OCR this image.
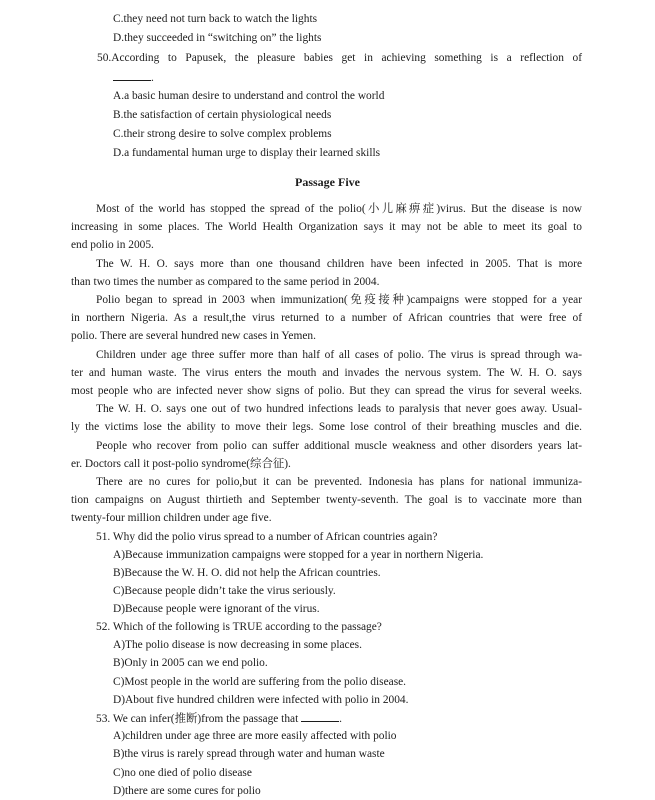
C.they need not turn back to watch the lights
D.they succeeded in “switching on” the lights
50.According to Papusek, the pleasure babies get in achieving something is a reflection of
.
A.a basic human desire to understand and control the world
B.the satisfaction of certain physiological needs
C.their strong desire to solve complex problems
D.a fundamental human urge to display their learned skills
Passage Five
Most of the world has stopped the spread of the polio(小儿麻痹症)virus. But the disease is now
increasing in some places. The World Health Organization says it may not be able to meet its goal to
end polio in 2005.
The W. H. O. says more than one thousand children have been infected in 2005. That is more
than two times the number as compared to the same period in 2004.
Polio began to spread in 2003 when immunization(免疫接种)campaigns were stopped for a year
in northern Nigeria. As a result,the virus returned to a number of African countries that were free of
polio. There are several hundred new cases in Yemen.
Children under age three suffer more than half of all cases of polio. The virus is spread through wa-
ter and human waste. The virus enters the mouth and invades the nervous system. The W. H. O. says
most people who are infected never show signs of polio. But they can spread the virus for several weeks.
The W. H. O. says one out of two hundred infections leads to paralysis that never goes away. Usual-
ly the victims lose the ability to move their legs. Some lose control of their breathing muscles and die.
People who recover from polio can suffer additional muscle weakness and other disorders years lat-
er. Doctors call it post-polio syndrome(综合征).
There are no cures for polio,but it can be prevented. Indonesia has plans for national immuniza-
tion campaigns on August thirtieth and September twenty-seventh. The goal is to vaccinate more than
twenty-four million children under age five.
51. Why did the polio virus spread to a number of African countries again?
A)Because immunization campaigns were stopped for a year in northern Nigeria.
B)Because the W. H. O. did not help the African countries.
C)Because people didn’t take the virus seriously.
D)Because people were ignorant of the virus.
52. Which of the following is TRUE according to the passage?
A)The polio disease is now decreasing in some places.
B)Only in 2005 can we end polio.
C)Most people in the world are suffering from the polio disease.
D)About five hundred children were infected with polio in 2004.
53. We can infer(推断)from the passage that	.
A)children under age three are more easily affected with polio
B)the virus is rarely spread through water and human waste
C)no one died of polio disease
D)there are some cures for polio
